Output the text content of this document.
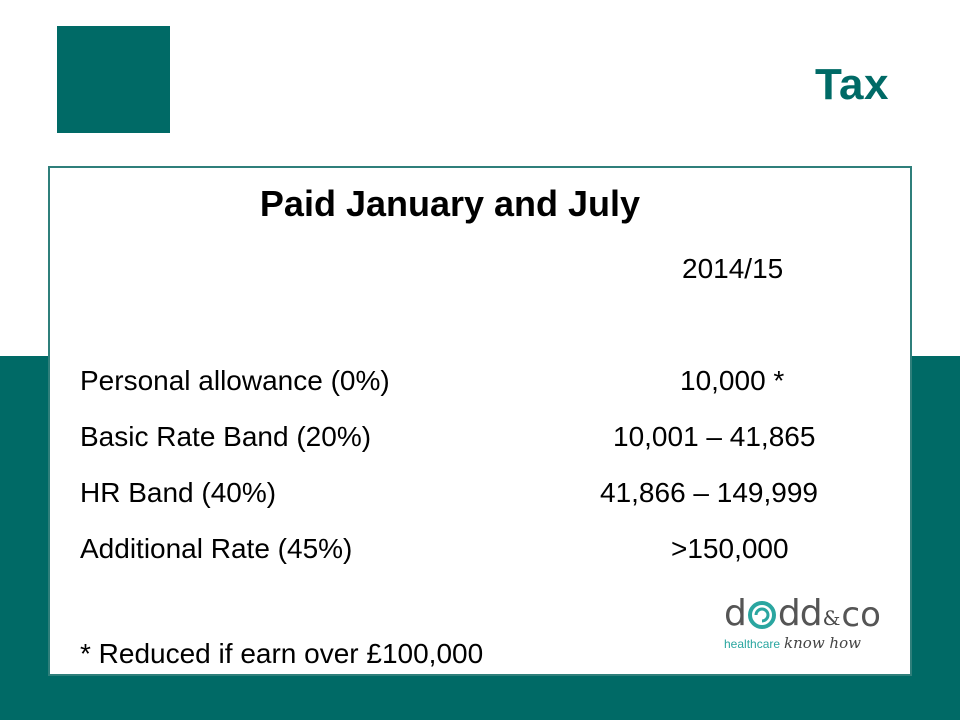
Tax
Paid January and July
2014/15
Personal allowance (0%)	10,000 *
Basic Rate Band (20%)	10,001 – 41,865
HR Band (40%)	41,866 – 149,999
Additional Rate (45%)	>150,000
* Reduced if earn over £100,000
d dd & co
healthcare know how
